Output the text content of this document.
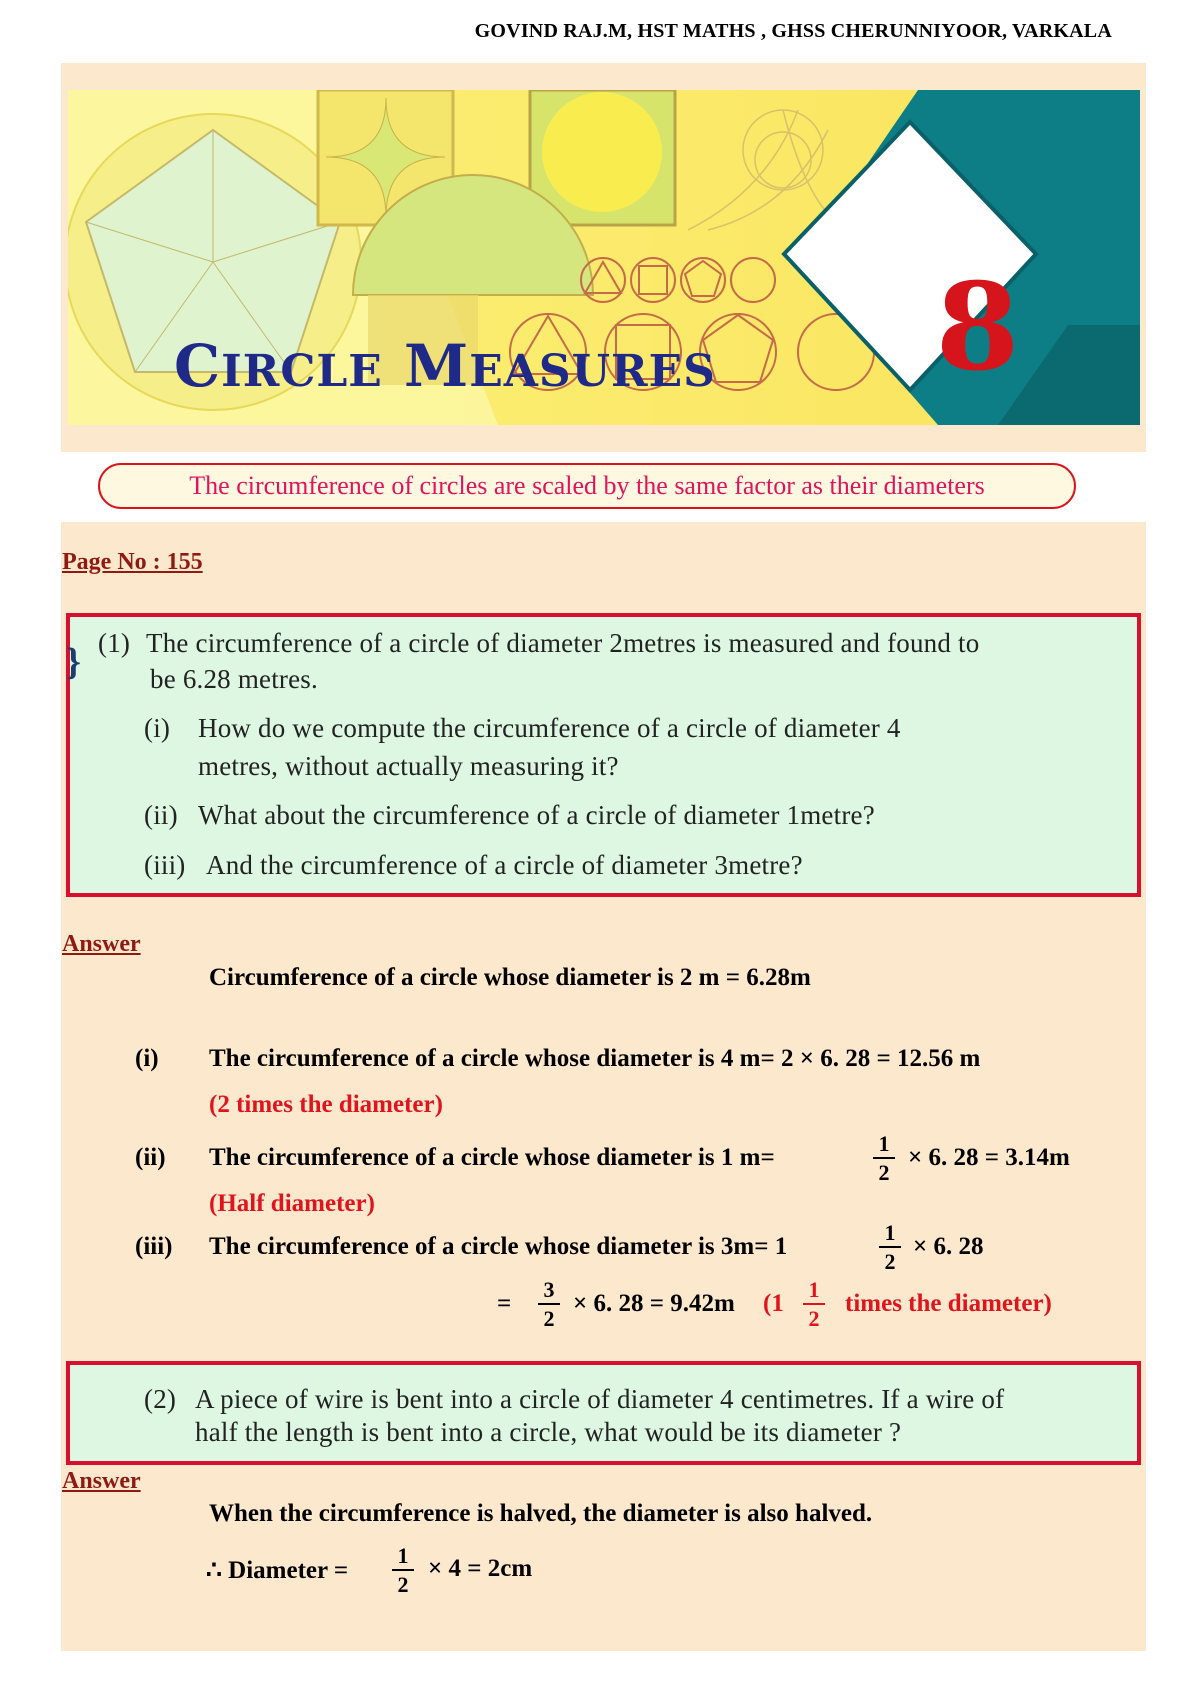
GOVIND RAJ.M, HST MATHS , GHSS CHERUNNIYOOR, VARKALA
CIRCLE MEASURES 8
The circumference of circles are scaled by the same factor as their diameters
Page No : 155
} (1) The circumference of a circle of diameter 2metres is measured and found to
be 6.28 metres.
(i) How do we compute the circumference of a circle of diameter 4
metres, without actually measuring it?
(ii) What about the circumference of a circle of diameter 1metre?
(iii) And the circumference of a circle of diameter 3metre?
Answer
Circumference of a circle whose diameter is 2 m = 6.28m
(i) The circumference of a circle whose diameter is 4 m= 2 × 6. 28 = 12.56 m
(2 times the diameter)
(ii) The circumference of a circle whose diameter is 1 m=	$\frac{1}{2} \times 6$. 28 = 3.14m
(Half diameter)
(iii) The circumference of a circle whose diameter is 3m= 1	$\frac{1}{2} \times 6$. 28
= $\frac{3}{2} \times 6$. 28 = 9.42m ($1 \frac{1}{2}$ times the diameter)
(2) A piece of wire is bent into a circle of diameter 4 centimetres. If a wire of
half the length is bent into a circle, what would be its diameter ?
Answer
When the circumference is halved, the diameter is also halved.
∴ Diameter = $\frac{1}{2} \times 4 = 2cm$
